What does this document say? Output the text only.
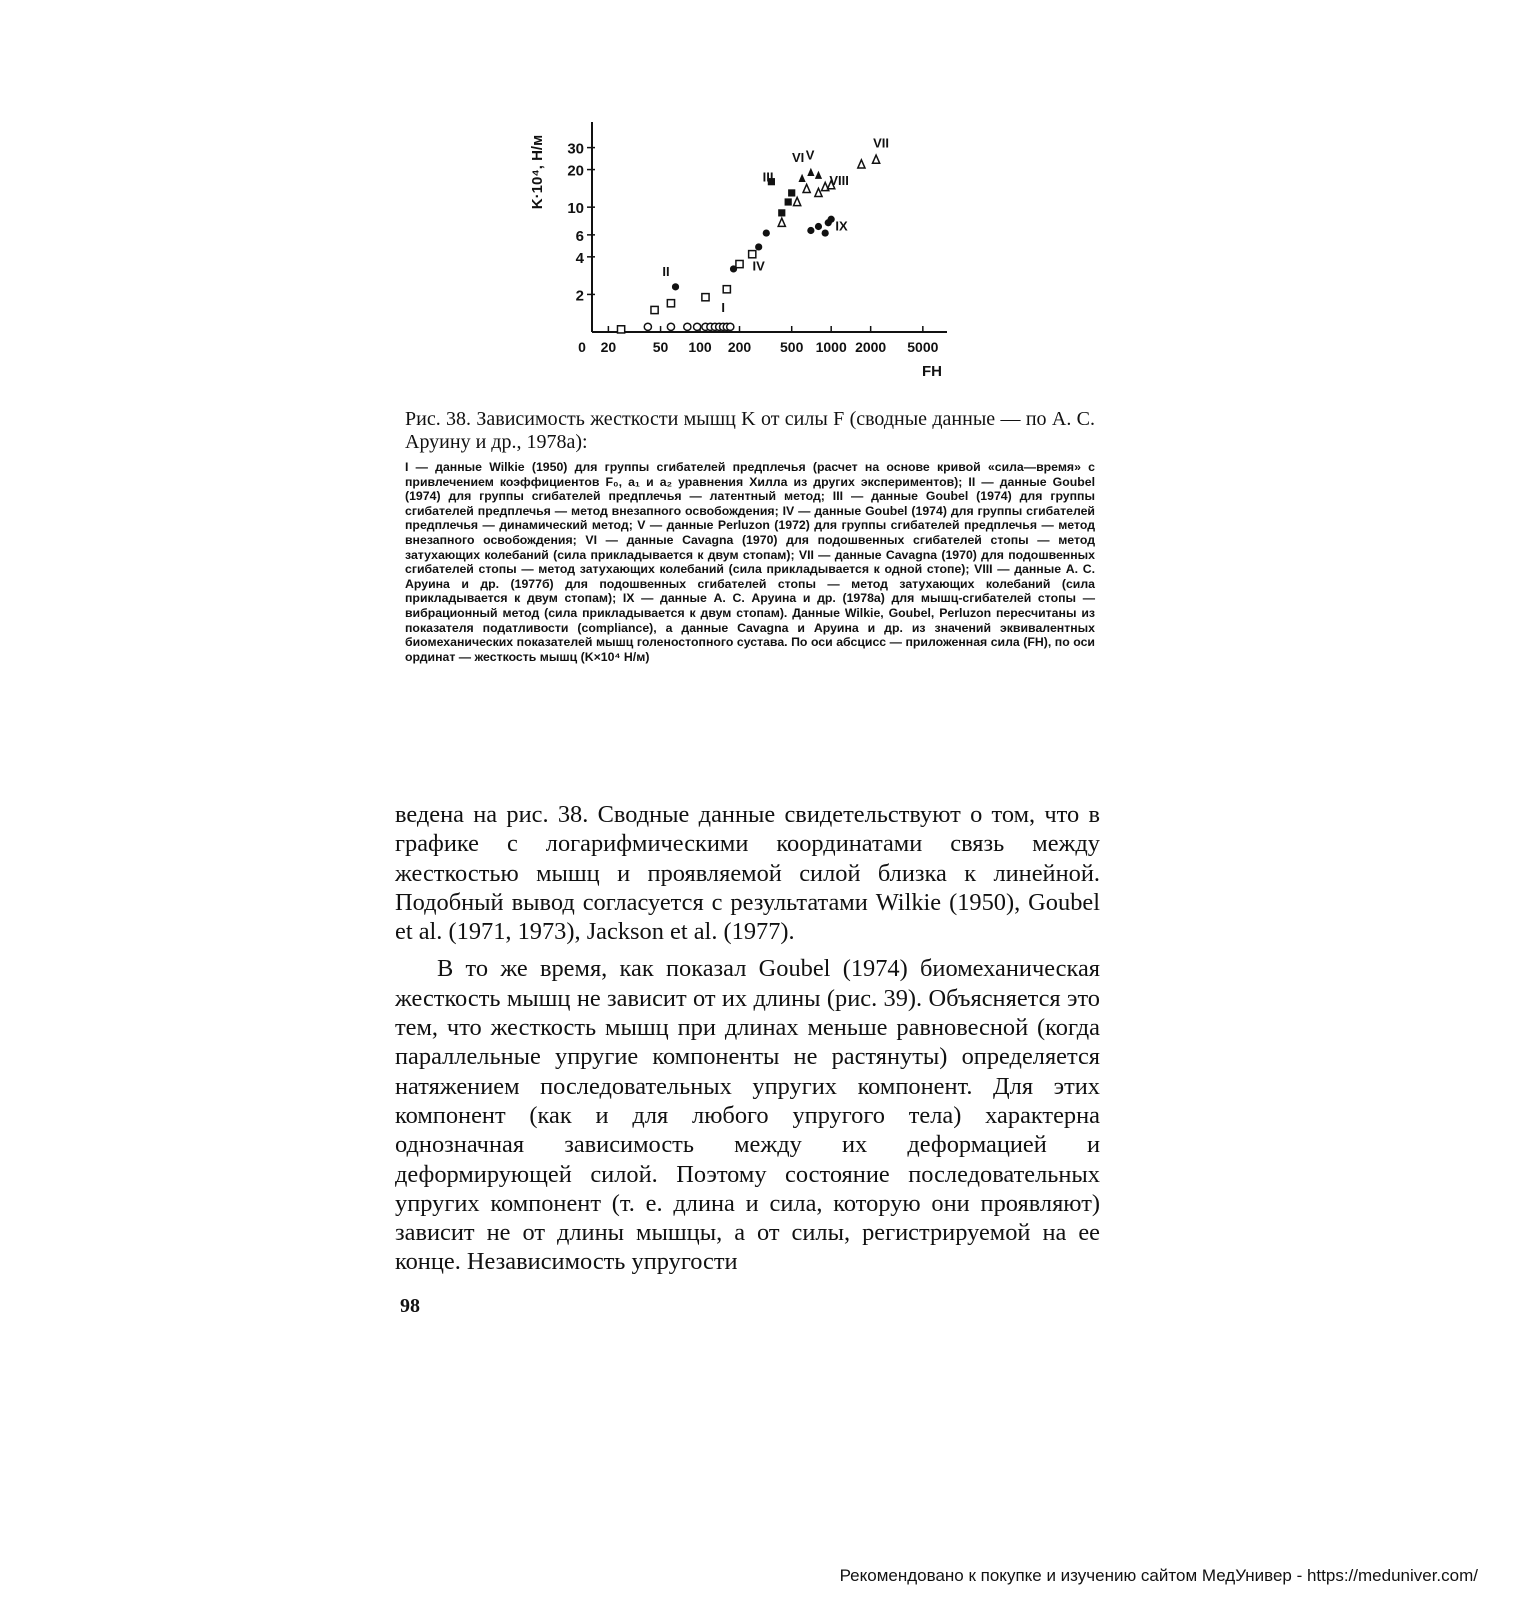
2
4
6
10
20
30
0 20	50 100 200 500 1000 2000 5000
K·10⁴, Н/м
FH
I
II
III
IV
V
VI
VII
VIII
IX

Рис. 38. Зависимость жесткости мышц K от силы F (сводные данные — по А. С. Аруину и др., 1978a):

I — данные Wilkie (1950) для группы сгибателей предплечья (расчет на основе кривой «сила—время» с привлечением коэффициентов F₀, a₁ и a₂ уравнения Хилла из других экспериментов); II — данные Goubel (1974) для группы сгибателей предплечья — латентный метод; III — данные Goubel (1974) для группы сгибателей предплечья — метод внезапного освобождения; IV — данные Goubel (1974) для группы сгибателей предплечья — динамический метод; V — данные Perluzon (1972) для группы сгибателей предплечья — метод внезапного освобождения; VI — данные Cavagna (1970) для подошвенных сгибателей стопы — метод затухающих колебаний (сила прикладывается к двум стопам); VII — данные Cavagna (1970) для подошвенных сгибателей стопы — метод затухающих колебаний (сила прикладывается к одной стопе); VIII — данные А. С. Аруина и др. (1977б) для подошвенных сгибателей стопы — метод затухающих колебаний (сила прикладывается к двум стопам); IX — данные А. С. Аруина и др. (1978a) для мышц-сгибателей стопы — вибрационный метод (сила прикладывается к двум стопам). Данные Wilkie, Goubel, Perluzon пересчитаны из показателя податливости (compliance), а данные Cavagna и Аруина и др. из значений эквивалентных биомеханических показателей мышц голеностопного сустава. По оси абсцисс — приложенная сила (FH), по оси ординат — жесткость мышц (K×10⁴ Н/м)

ведена на рис. 38. Сводные данные свидетельствуют о том, что в графике с логарифмическими координатами связь между жесткостью мышц и проявляемой силой близка к линейной. Подобный вывод согласуется с результатами Wilkie (1950), Goubel et al. (1971, 1973), Jackson et al. (1977).

В то же время, как показал Goubel (1974) биомеханическая жесткость мышц не зависит от их длины (рис. 39). Объясняется это тем, что жесткость мышц при длинах меньше равновесной (когда параллельные упругие компоненты не растянуты) определяется натяжением последовательных упругих компонент. Для этих компонент (как и для любого упругого тела) характерна однозначная зависимость между их деформацией и деформирующей силой. Поэтому состояние последовательных упругих компонент (т. е. длина и сила, которую они проявляют) зависит не от длины мышцы, а от силы, регистрируемой на ее конце. Независимость упругости

98
Рекомендовано к покупке и изучению сайтом МедУнивер - https://meduniver.com/
